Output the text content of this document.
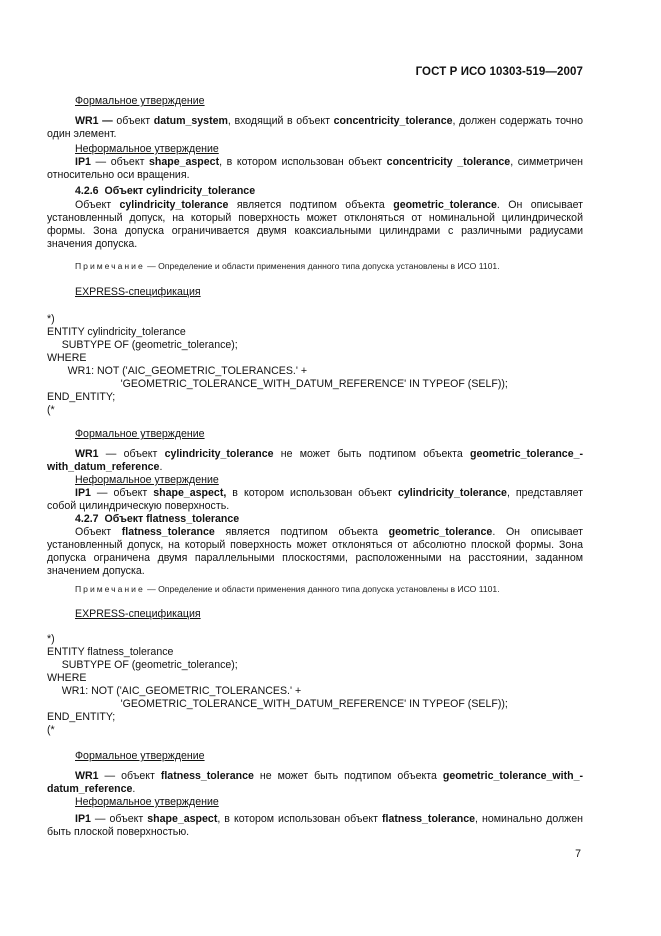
ГОСТ Р ИСО 10303-519—2007
Формальное утверждение
WR1 — объект datum_system, входящий в объект concentricity_tolerance, должен содержать точно один элемент.
Неформальное утверждение
IP1 — объект shape_aspect, в котором использован объект concentricity _tolerance, симметричен относительно оси вращения.
4.2.6 Объект cylindricity_tolerance
Объект cylindricity_tolerance является подтипом объекта geometric_tolerance. Он описывает установленный допуск, на который поверхность может отклоняться от номинальной цилиндрической формы. Зона допуска ограничивается двумя коаксиальными цилиндрами с различными радиусами значения допуска.
Примечание — Определение и области применения данного типа допуска установлены в ИСО 1101.
EXPRESS-спецификация
*)
ENTITY cylindricity_tolerance
SUBTYPE OF (geometric_tolerance);
WHERE
WR1: NOT ('AIC_GEOMETRIC_TOLERANCES.' +
'GEOMETRIC_TOLERANCE_WITH_DATUM_REFERENCE' IN TYPEOF (SELF));
END_ENTITY;
(*
Формальное утверждение
WR1 — объект cylindricity_tolerance не может быть подтипом объекта geometric_tolerance_-with_datum_reference.
Неформальное утверждение
IP1 — объект shape_aspect, в котором использован объект cylindricity_tolerance, представляет собой цилиндрическую поверхность.
4.2.7 Объект flatness_tolerance
Объект flatness_tolerance является подтипом объекта geometric_tolerance. Он описывает установленный допуск, на который поверхность может отклоняться от абсолютно плоской формы. Зона допуска ограничена двумя параллельными плоскостями, расположенными на расстоянии, заданном значением допуска.
Примечание — Определение и области применения данного типа допуска установлены в ИСО 1101.
EXPRESS-спецификация
*)
ENTITY flatness_tolerance
SUBTYPE OF (geometric_tolerance);
WHERE
WR1: NOT ('AIC_GEOMETRIC_TOLERANCES.' +
'GEOMETRIC_TOLERANCE_WITH_DATUM_REFERENCE' IN TYPEOF (SELF));
END_ENTITY;
(*
Формальное утверждение
WR1 — объект flatness_tolerance не может быть подтипом объекта geometric_tolerance_with_-datum_reference.
Неформальное утверждение
IP1 — объект shape_aspect, в котором использован объект flatness_tolerance, номинально должен быть плоской поверхностью.
7
